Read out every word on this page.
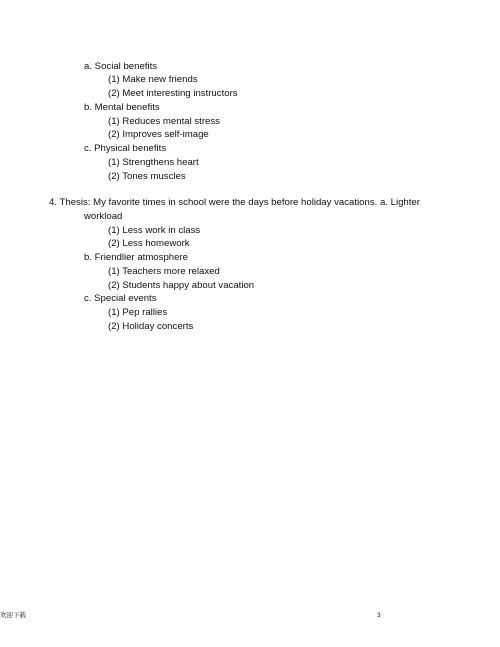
a. Social benefits
(1) Make new friends
(2) Meet interesting instructors
b. Mental benefits
(1) Reduces mental stress
(2) Improves self-image
c. Physical benefits
(1) Strengthens heart
(2) Tones muscles
4. Thesis: My favorite times in school were the days before holiday vacations. a. Lighter
workload
(1) Less work in class
(2) Less homework
b. Friendlier atmosphere
(1) Teachers more relaxed
(2) Students happy about vacation
c. Special events
(1) Pep rallies
(2) Holiday concerts
欢迎下载	3
